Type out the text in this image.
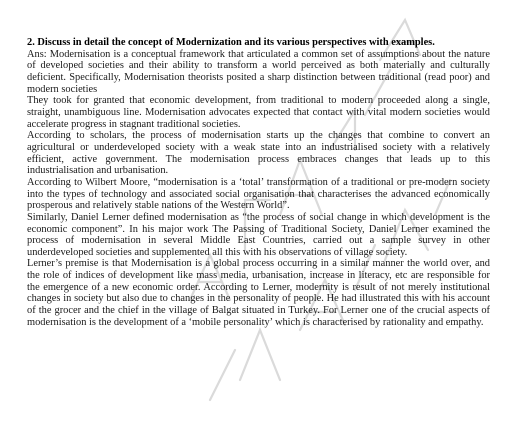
2. Discuss in detail the concept of Modernization and its various perspectives with examples.

Ans: Modernisation is a conceptual framework that articulated a common set of assumptions about the nature of developed societies and their ability to transform a world perceived as both materially and culturally deficient. Specifically, Modernisation theorists posited a sharp distinction between traditional (read poor) and modern societies

They took for granted that economic development, from traditional to modern proceeded along a single, straight, unambiguous line. Modernisation advocates expected that contact with vital modern societies would accelerate progress in stagnant traditional societies.

According to scholars, the process of modernisation starts up the changes that combine to convert an agricultural or underdeveloped society with a weak state into an industrialised society with a relatively efficient, active government. The modernisation process embraces changes that leads up to this industrialisation and urbanisation.

According to Wilbert Moore, “modernisation is a ‘total’ transformation of a traditional or pre-modern society into the types of technology and associated social organisation that characterises the advanced economically prosperous and relatively stable nations of the Western World”.

Similarly, Daniel Lerner defined modernisation as “the process of social change in which development is the economic component”. In his major work The Passing of Traditional Society, Daniel Lerner examined the process of modernisation in several Middle East Countries, carried out a sample survey in other underdeveloped societies and supplemented all this with his observations of village society.

Lerner’s premise is that Modernisation is a global process occurring in a similar manner the world over, and the role of indices of development like mass media, urbanisation, increase in literacy, etc are responsible for the emergence of a new economic order. According to Lerner, modernity is result of not merely institutional changes in society but also due to changes in the personality of people. He had illustrated this with his account of the grocer and the chief in the village of Balgat situated in Turkey. For Lerner one of the crucial aspects of modernisation is the development of a ‘mobile personality’ which is characterised by rationality and empathy.
